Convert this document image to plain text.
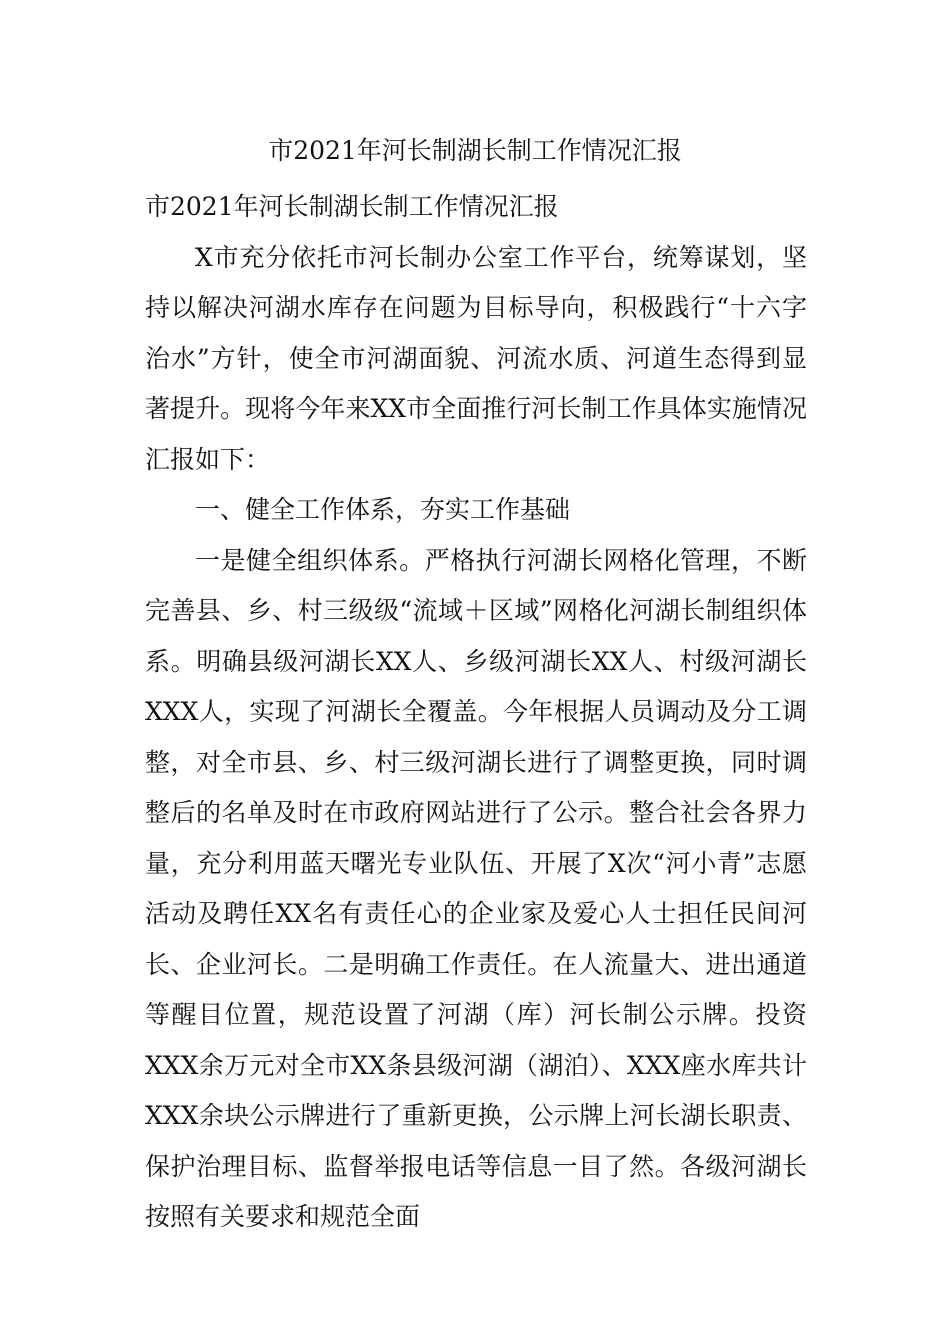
市2021年河长制湖长制工作情况汇报

市2021年河长制湖长制工作情况汇报

X市充分依托市河长制办公室工作平台，统筹谋划，坚持以解决河湖水库存在问题为目标导向，积极践行“十六字治水”方针，使全市河湖面貌、河流水质、河道生态得到显著提升。现将今年来XX市全面推行河长制工作具体实施情况汇报如下：

一、健全工作体系，夯实工作基础

一是健全组织体系。严格执行河湖长网格化管理，不断完善县、乡、村三级级“流域＋区域”网格化河湖长制组织体系。明确县级河湖长XX人、乡级河湖长XX人、村级河湖长XXX人，实现了河湖长全覆盖。今年根据人员调动及分工调整，对全市县、乡、村三级河湖长进行了调整更换，同时调整后的名单及时在市政府网站进行了公示。整合社会各界力量，充分利用蓝天曙光专业队伍、开展了X次“河小青”志愿活动及聘任XX名有责任心的企业家及爱心人士担任民间河长、企业河长。二是明确工作责任。在人流量大、进出通道等醒目位置，规范设置了河湖（库）河长制公示牌。投资XXX余万元对全市XX条县级河湖（湖泊）、XXX座水库共计XXX余块公示牌进行了重新更换，公示牌上河长湖长职责、保护治理目标、监督举报电话等信息一目了然。各级河湖长按照有关要求和规范全面
